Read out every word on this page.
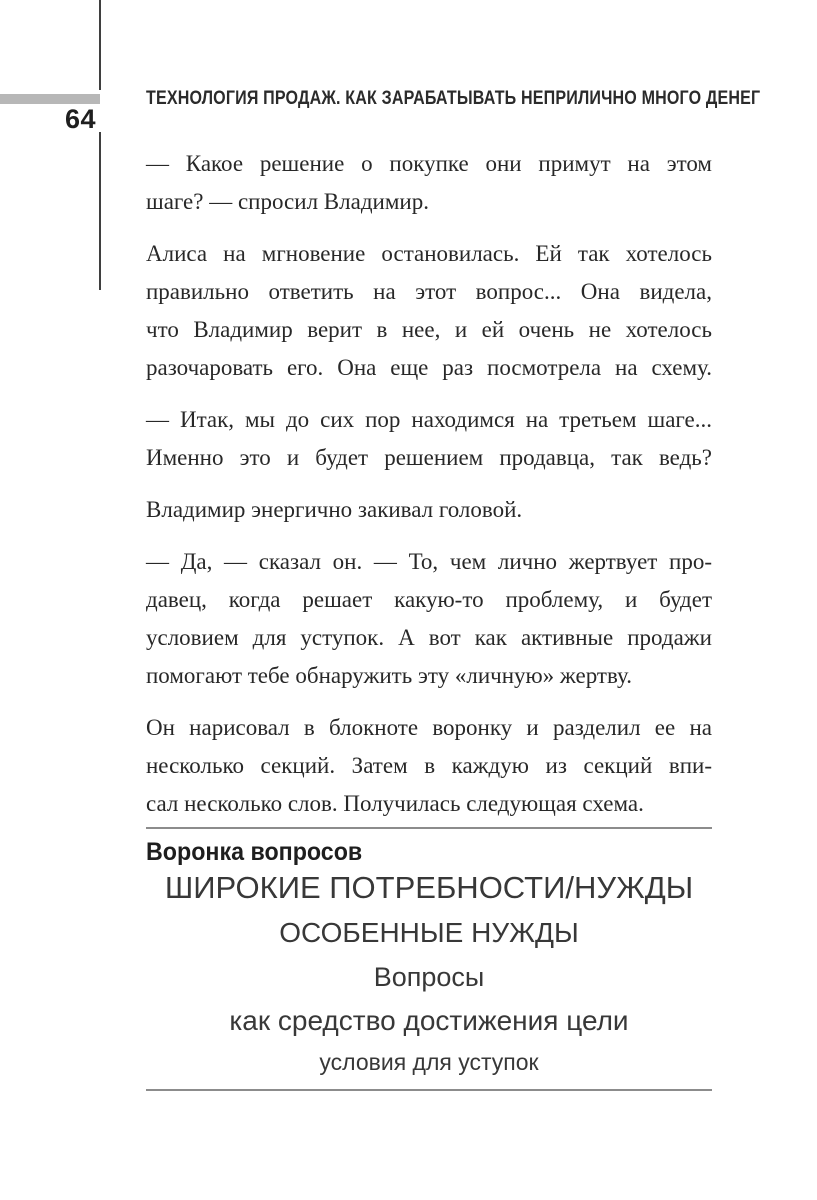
64
ТЕХНОЛОГИЯ ПРОДАЖ. КАК ЗАРАБАТЫВАТЬ НЕПРИЛИЧНО МНОГО ДЕНЕГ

— Какое решение о покупке они примут на этом
шаге? — спросил Владимир.

Алиса на мгновение остановилась. Ей так хотелось
правильно ответить на этот вопрос... Она видела,
что Владимир верит в нее, и ей очень не хотелось
разочаровать его. Она еще раз посмотрела на схему.

— Итак, мы до сих пор находимся на третьем шаге...
Именно это и будет решением продавца, так ведь?

Владимир энергично закивал головой.

— Да, — сказал он. — То, чем лично жертвует про-
давец, когда решает какую-то проблему, и будет
условием для уступок. А вот как активные продажи
помогают тебе обнаружить эту «личную» жертву.

Он нарисовал в блокноте воронку и разделил ее на
несколько секций. Затем в каждую из секций впи-
сал несколько слов. Получилась следующая схема.

Воронка вопросов
ШИРОКИЕ ПОТРЕБНОСТИ/НУЖДЫ
ОСОБЕННЫЕ НУЖДЫ
Вопросы
как средство достижения цели
условия для уступок
